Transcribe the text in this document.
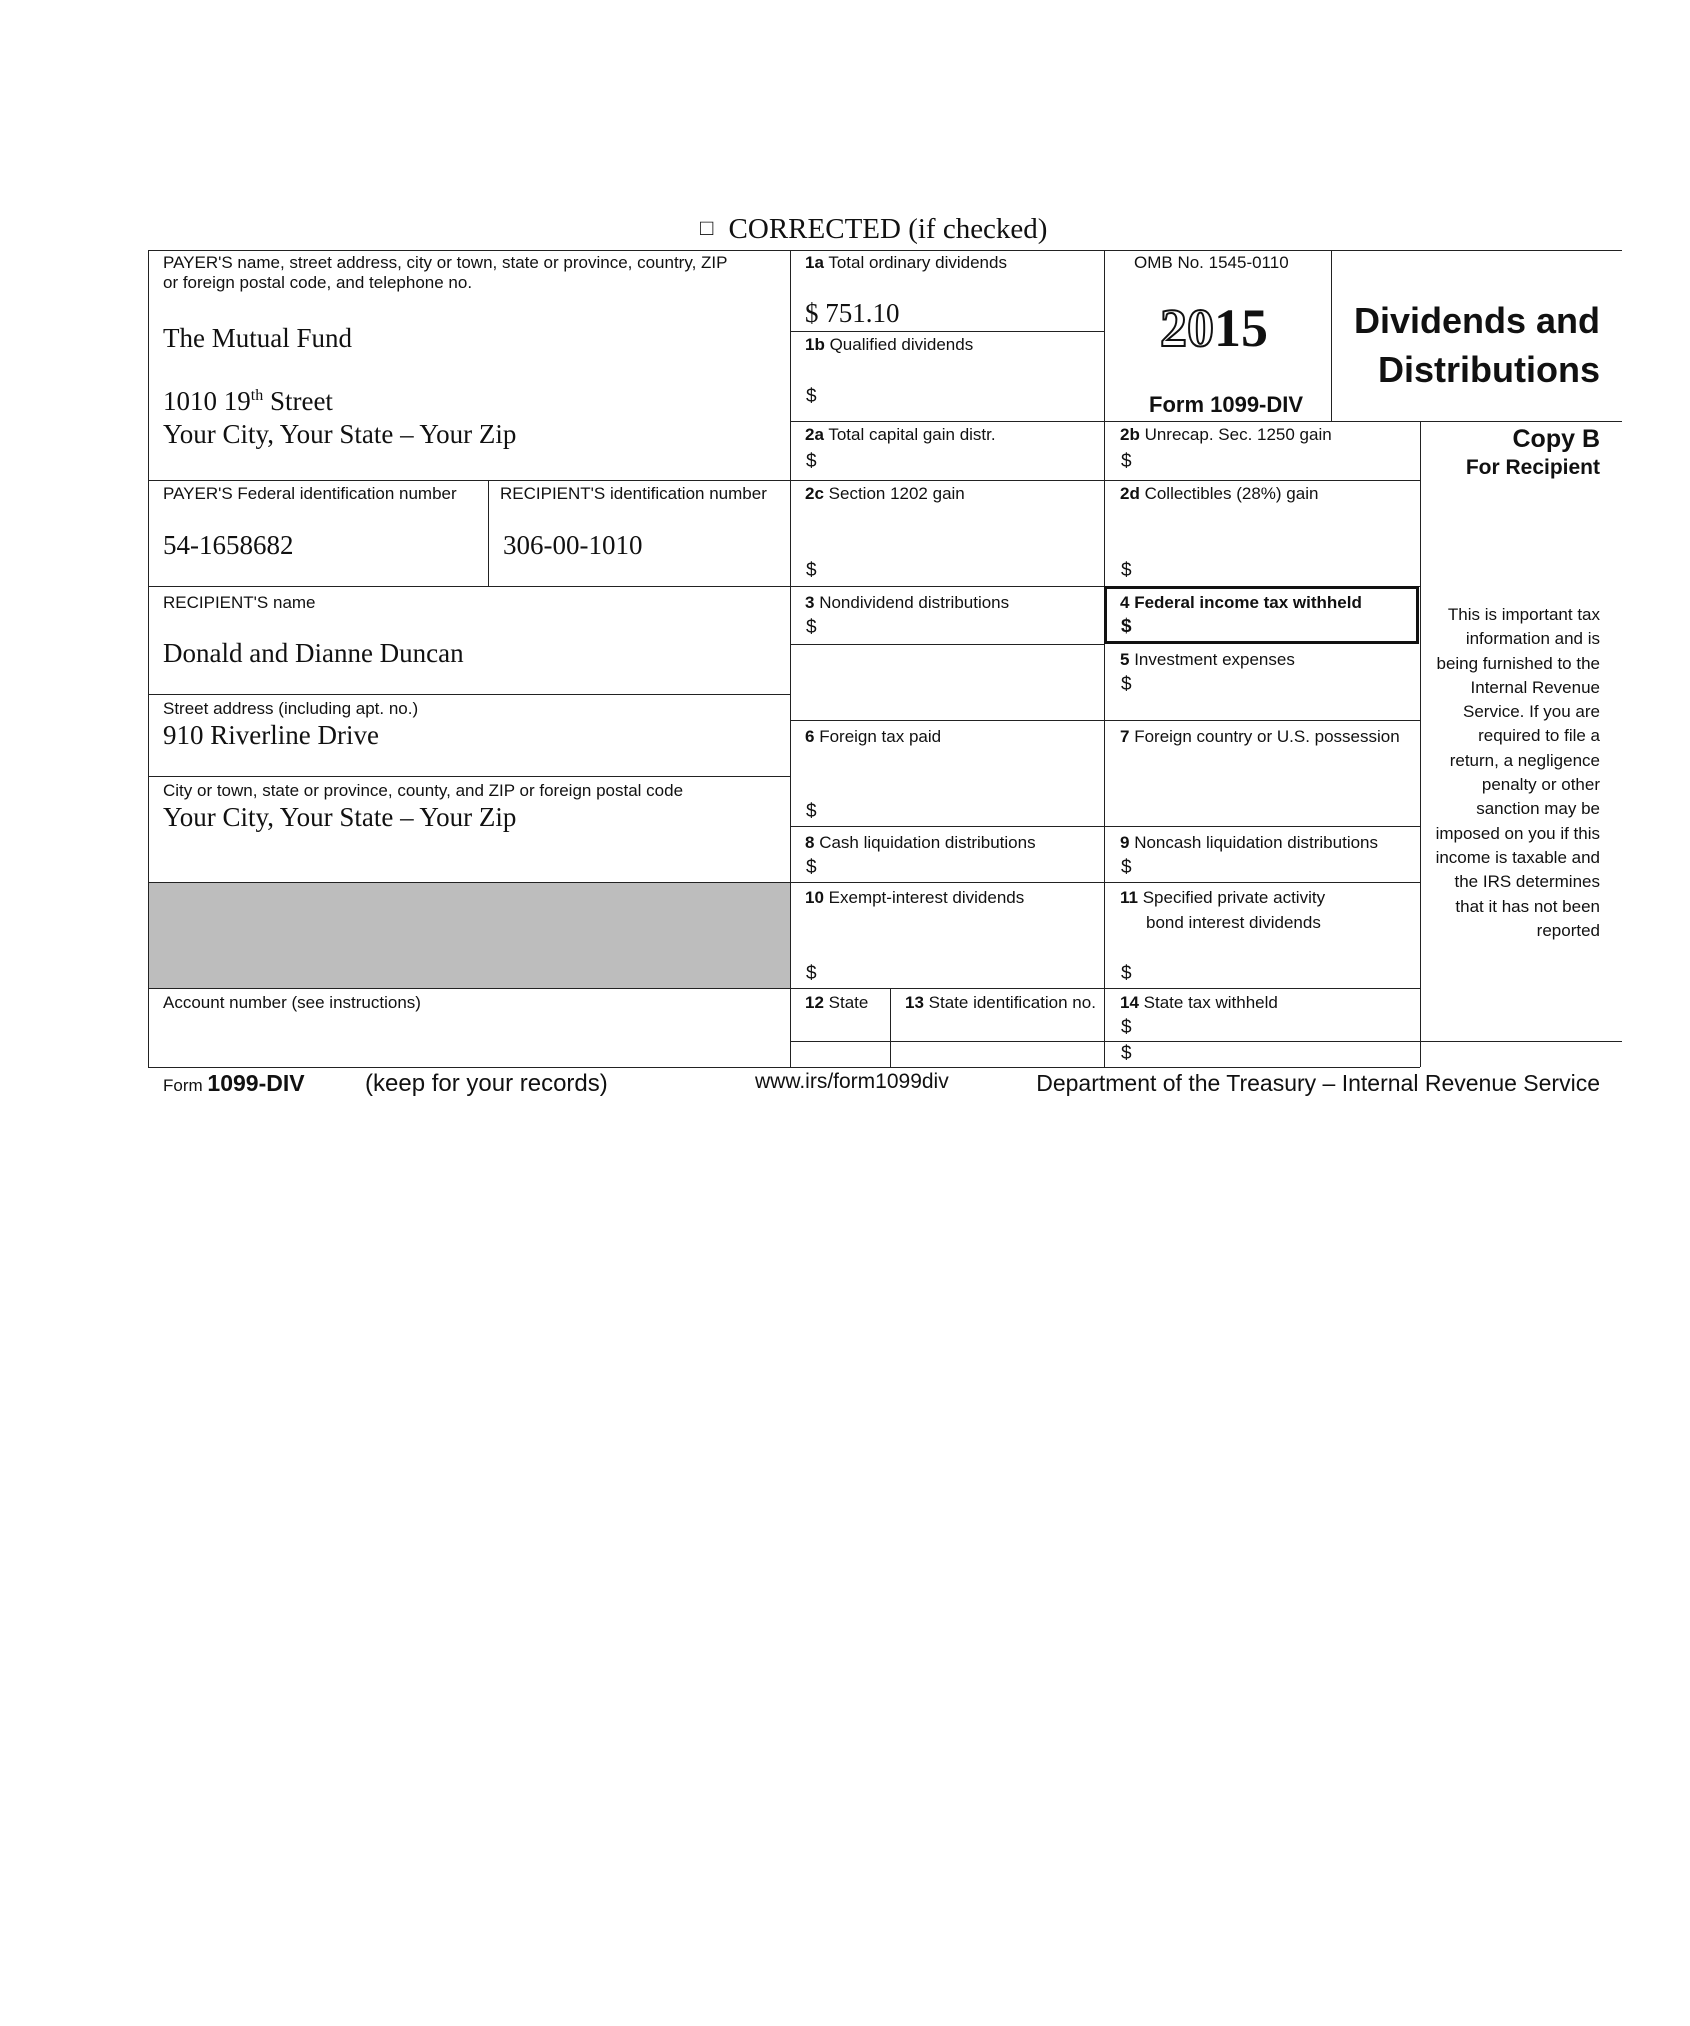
□ CORRECTED (if checked)
PAYER'S name, street address, city or town, state or province, country, ZIP
or foreign postal code, and telephone no.
The Mutual Fund
1010 19th Street
Your City, Your State – Your Zip
PAYER'S Federal identification number
54-1658682
RECIPIENT'S identification number
306-00-1010
RECIPIENT'S name
Donald and Dianne Duncan
Street address (including apt. no.)
910 Riverline Drive
City or town, state or province, county, and ZIP or foreign postal code
Your City, Your State – Your Zip
Account number (see instructions)
1a Total ordinary dividends
$ 751.10
1b Qualified dividends
$
2a Total capital gain distr.
$
2c Section 1202 gain
$
3 Nondividend distributions
$
6 Foreign tax paid
$
8 Cash liquidation distributions
$
10 Exempt-interest dividends
$
12 State 13 State identification no.
OMB No. 1545-0110
2015
Form 1099-DIV
2b Unrecap. Sec. 1250 gain
$
2d Collectibles (28%) gain
$
4 Federal income tax withheld
$
5 Investment expenses
$
7 Foreign country or U.S. possession
9 Noncash liquidation distributions
$
11 Specified private activity
bond interest dividends
$
14 State tax withheld
$
$
Dividends and
Distributions
Copy B
For Recipient
This is important tax information and is being furnished to the Internal Revenue Service. If you are required to file a return, a negligence penalty or other sanction may be imposed on you if this income is taxable and the IRS determines that it has not been reported
Form 1099-DIV	(keep for your records)	www.irs/form1099div	Department of the Treasury – Internal Revenue Service
